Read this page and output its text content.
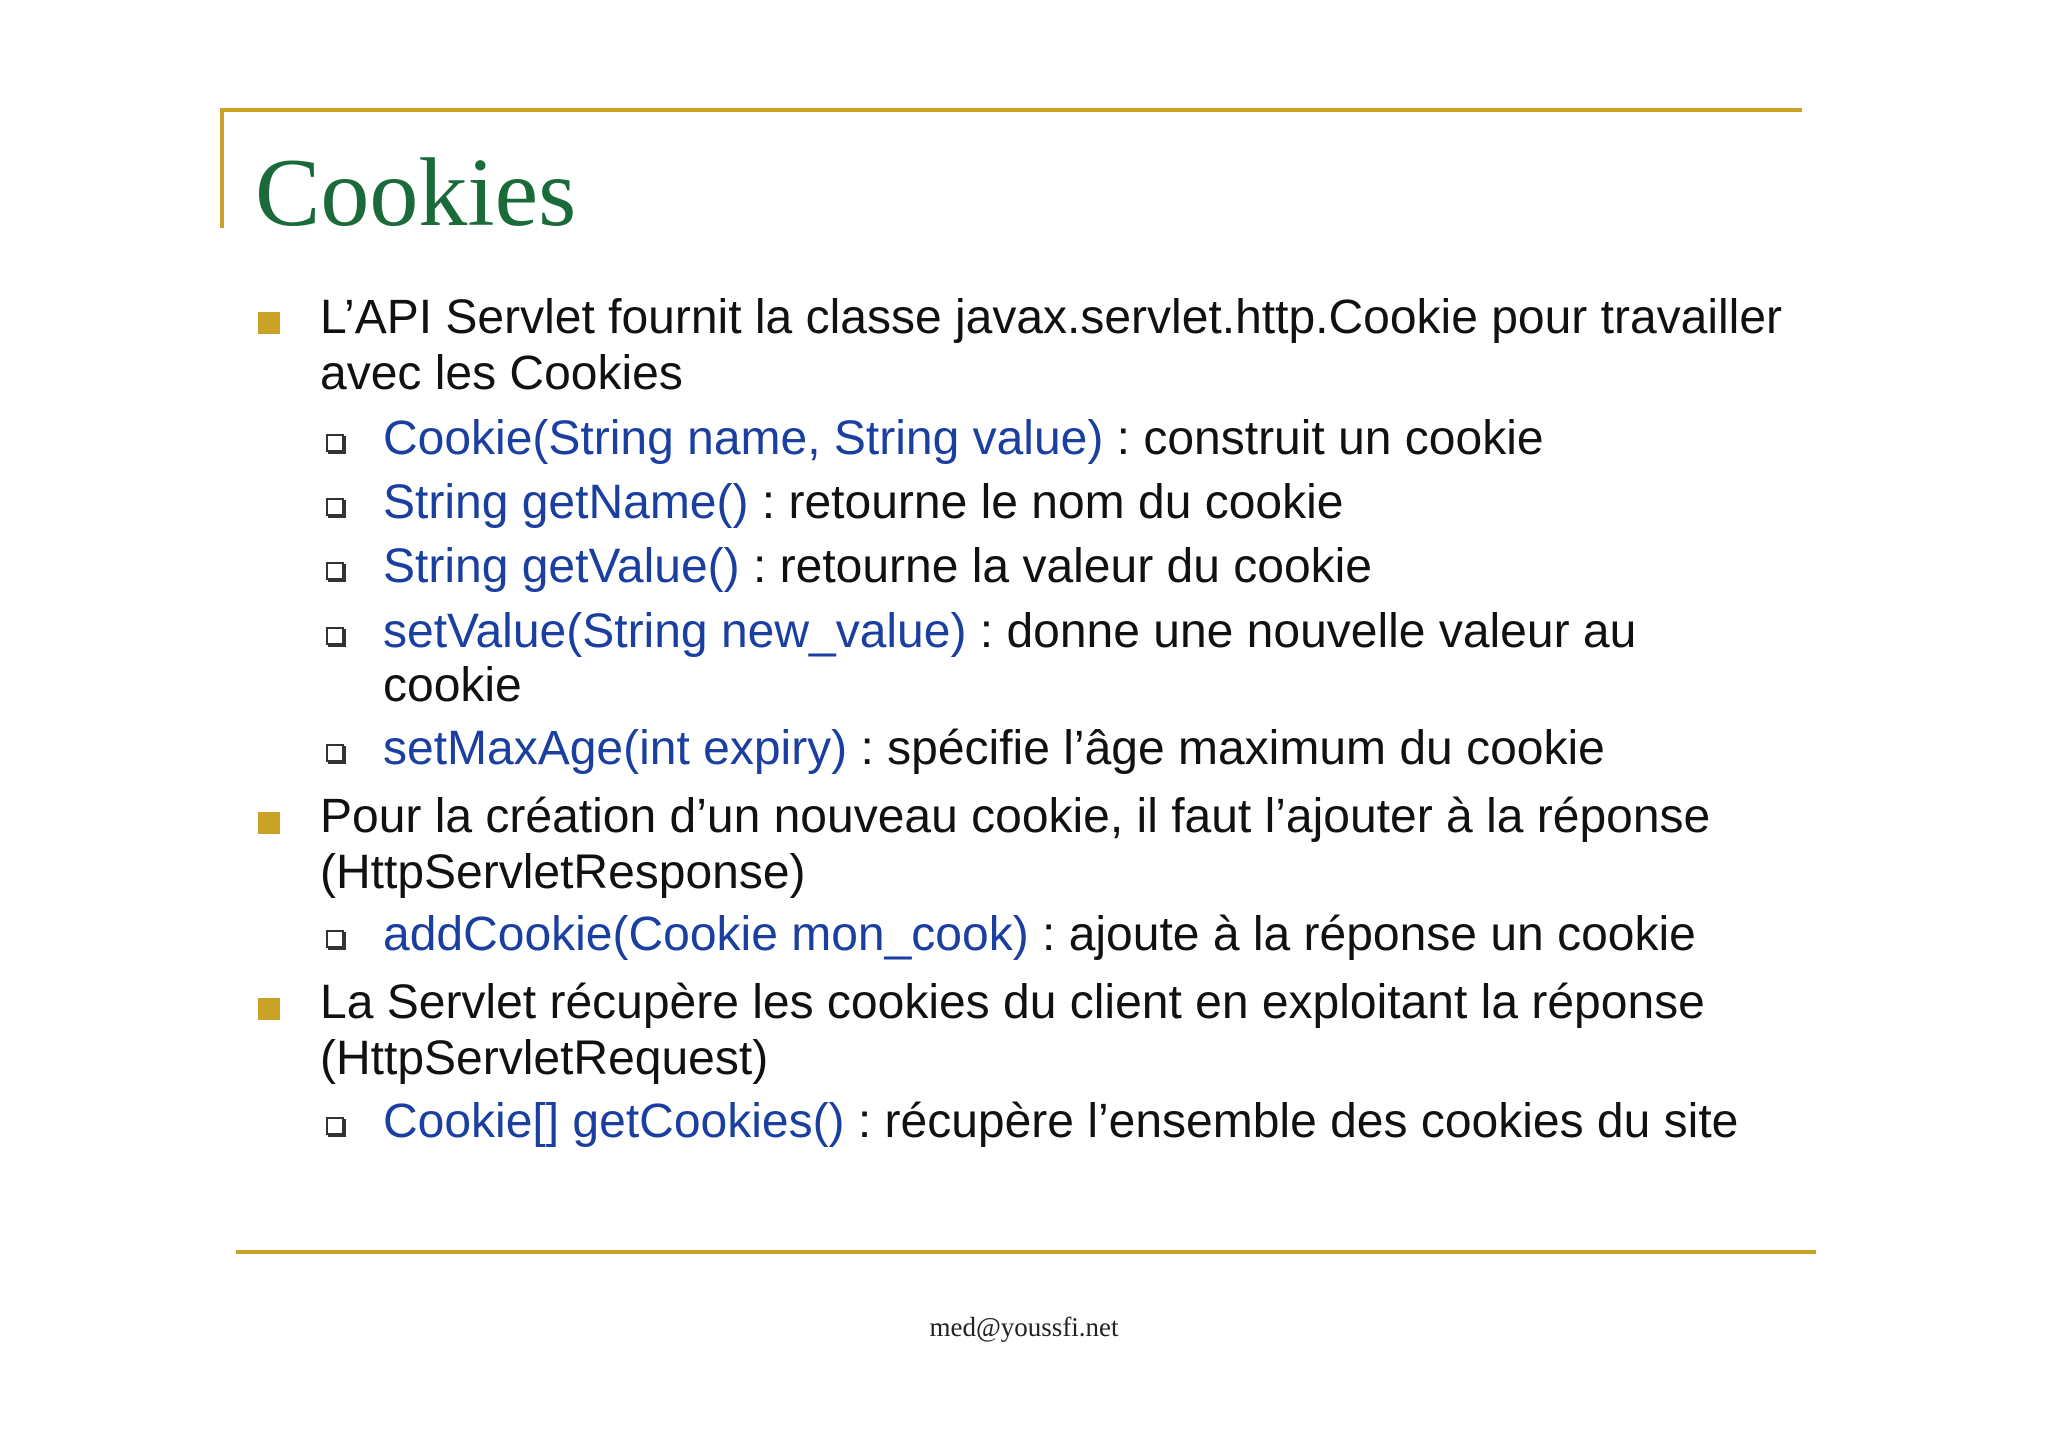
Cookies

L’API Servlet fournit la classe javax.servlet.http.Cookie pour travailler avec les Cookies

Cookie(String name, String value) : construit un cookie

String getName() : retourne le nom du cookie

String getValue() : retourne la valeur du cookie

setValue(String new_value) : donne une nouvelle valeur au cookie

setMaxAge(int expiry) : spécifie l’âge maximum du cookie

Pour la création d’un nouveau cookie, il faut l’ajouter à la réponse (HttpServletResponse)

addCookie(Cookie mon_cook) : ajoute à la réponse un cookie

La Servlet récupère les cookies du client en exploitant la réponse (HttpServletRequest)

Cookie[] getCookies() : récupère l’ensemble des cookies du site

med@youssfi.net
